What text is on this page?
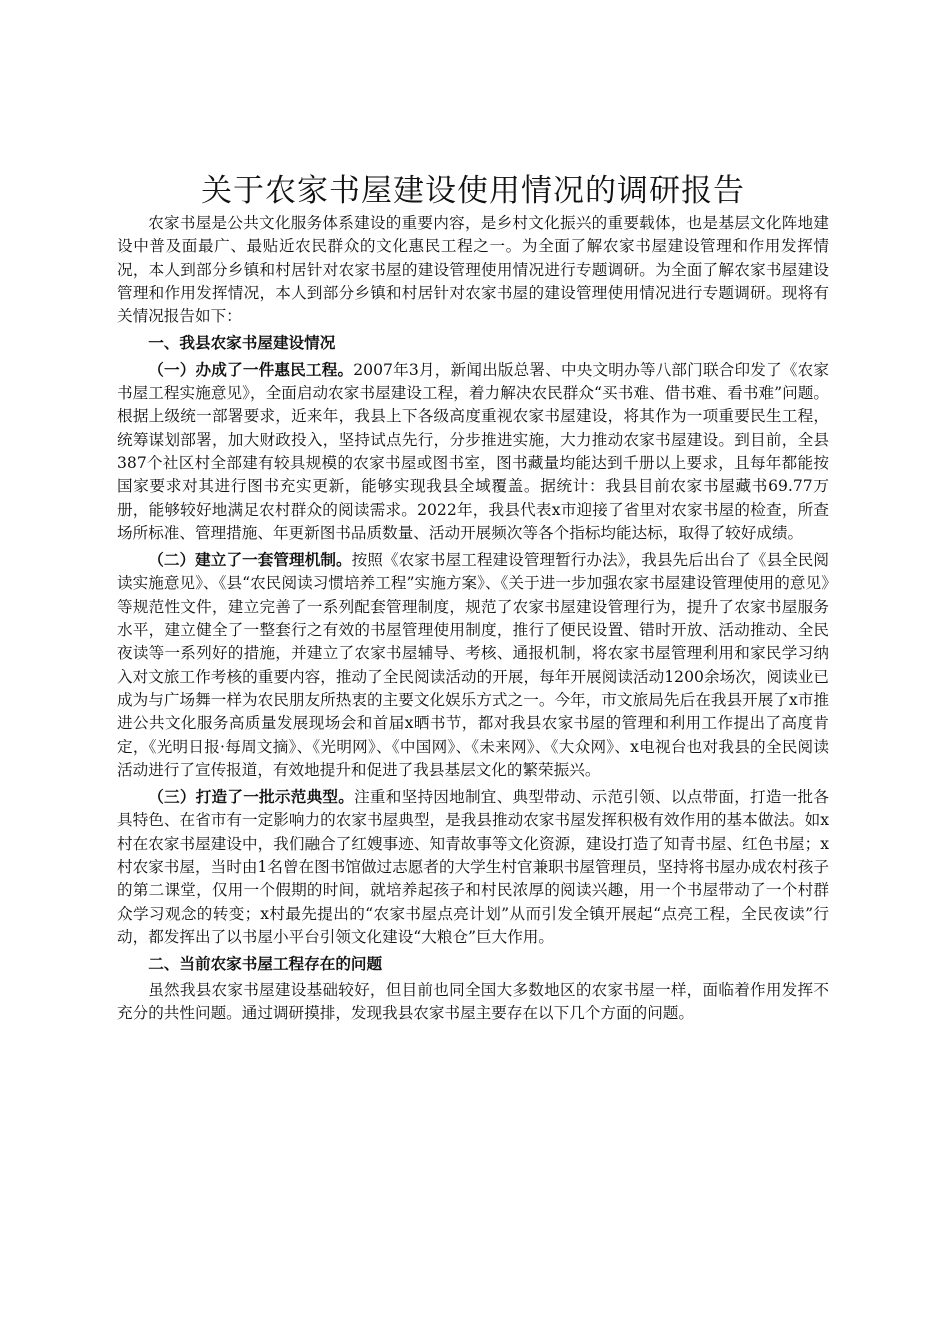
关于农家书屋建设使用情况的调研报告

农家书屋是公共文化服务体系建设的重要内容，是乡村文化振兴的重要载体，也是基层文化阵地建设中普及面最广、最贴近农民群众的文化惠民工程之一。为全面了解农家书屋建设管理和作用发挥情况，本人到部分乡镇和村居针对农家书屋的建设管理使用情况进行专题调研。为全面了解农家书屋建设管理和作用发挥情况，本人到部分乡镇和村居针对农家书屋的建设管理使用情况进行专题调研。现将有关情况报告如下：

一、我县农家书屋建设情况

（一）办成了一件惠民工程。2007年3月，新闻出版总署、中央文明办等八部门联合印发了《农家书屋工程实施意见》，全面启动农家书屋建设工程，着力解决农民群众“买书难、借书难、看书难”问题。根据上级统一部署要求，近来年，我县上下各级高度重视农家书屋建设，将其作为一项重要民生工程，统筹谋划部署，加大财政投入，坚持试点先行，分步推进实施，大力推动农家书屋建设。到目前，全县387个社区村全部建有较具规模的农家书屋或图书室，图书藏量均能达到千册以上要求，且每年都能按国家要求对其进行图书充实更新，能够实现我县全域覆盖。据统计：我县目前农家书屋藏书69.77万册，能够较好地满足农村群众的阅读需求。2022年，我县代表x市迎接了省里对农家书屋的检查，所查场所标准、管理措施、年更新图书品质数量、活动开展频次等各个指标均能达标，取得了较好成绩。

（二）建立了一套管理机制。按照《农家书屋工程建设管理暂行办法》，我县先后出台了《县全民阅读实施意见》、《县“农民阅读习惯培养工程”实施方案》、《关于进一步加强农家书屋建设管理使用的意见》等规范性文件，建立完善了一系列配套管理制度，规范了农家书屋建设管理行为，提升了农家书屋服务水平，建立健全了一整套行之有效的书屋管理使用制度，推行了便民设置、错时开放、活动推动、全民夜读等一系列好的措施，并建立了农家书屋辅导、考核、通报机制，将农家书屋管理利用和家民学习纳入对文旅工作考核的重要内容，推动了全民阅读活动的开展，每年开展阅读活动1200余场次，阅读业已成为与广场舞一样为农民朋友所热衷的主要文化娱乐方式之一。今年，市文旅局先后在我县开展了x市推进公共文化服务高质量发展现场会和首届x晒书节，都对我县农家书屋的管理和利用工作提出了高度肯定，《光明日报·每周文摘》、《光明网》、《中国网》、《未来网》、《大众网》、x电视台也对我县的全民阅读活动进行了宣传报道，有效地提升和促进了我县基层文化的繁荣振兴。

（三）打造了一批示范典型。注重和坚持因地制宜、典型带动、示范引领、以点带面，打造一批各具特色、在省市有一定影响力的农家书屋典型，是我县推动农家书屋发挥积极有效作用的基本做法。如x村在农家书屋建设中，我们融合了红嫂事迹、知青故事等文化资源，建设打造了知青书屋、红色书屋；x村农家书屋，当时由1名曾在图书馆做过志愿者的大学生村官兼职书屋管理员，坚持将书屋办成农村孩子的第二课堂，仅用一个假期的时间，就培养起孩子和村民浓厚的阅读兴趣，用一个书屋带动了一个村群众学习观念的转变；x村最先提出的“农家书屋点亮计划”从而引发全镇开展起“点亮工程，全民夜读”行动，都发挥出了以书屋小平台引领文化建设“大粮仓”巨大作用。

二、当前农家书屋工程存在的问题

虽然我县农家书屋建设基础较好，但目前也同全国大多数地区的农家书屋一样，面临着作用发挥不充分的共性问题。通过调研摸排，发现我县农家书屋主要存在以下几个方面的问题。
